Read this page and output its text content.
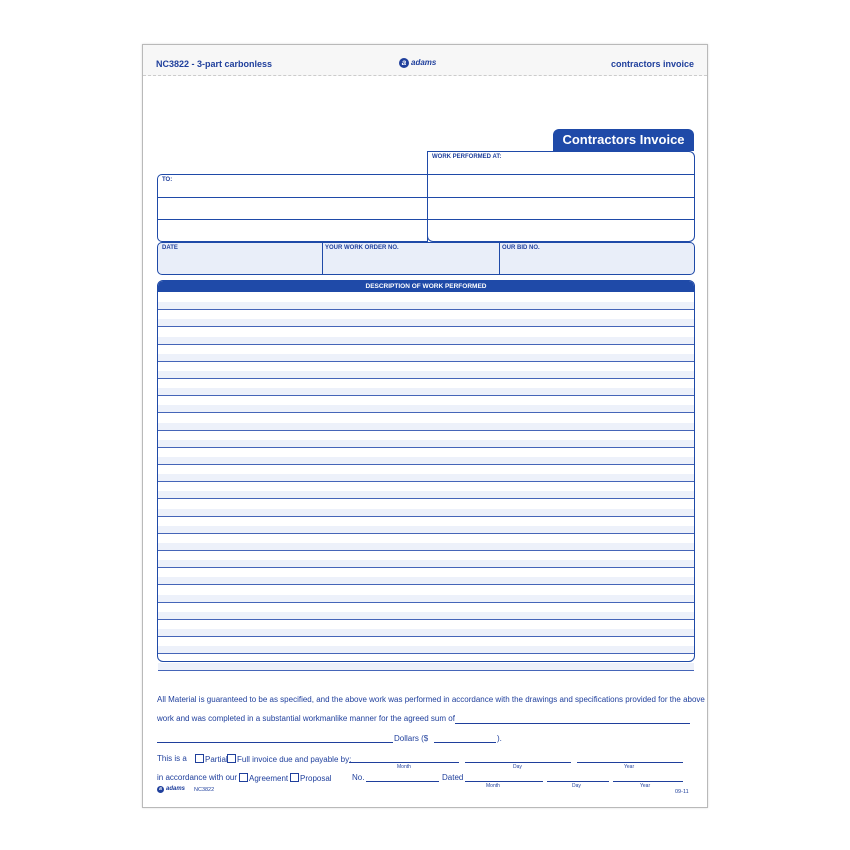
NC3822 - 3-part carbonless	a adams	contractors invoice
Contractors Invoice
WORK PERFORMED AT:
TO:
DATE	YOUR WORK ORDER NO.	OUR BID NO.
DESCRIPTION OF WORK PERFORMED
All Material is guaranteed to be as specified, and the above work was performed in accordance with the drawings and specifications provided for the above
work and was completed in a substantial workmanlike manner for the agreed sum of
Dollars ($	).
This is a	Partial	Full invoice due and payable by:
Month	Day	Year
in accordance with our	Agreement	Proposal	No.	Dated
Month	Day	Year
a adams NC3822	09-11
